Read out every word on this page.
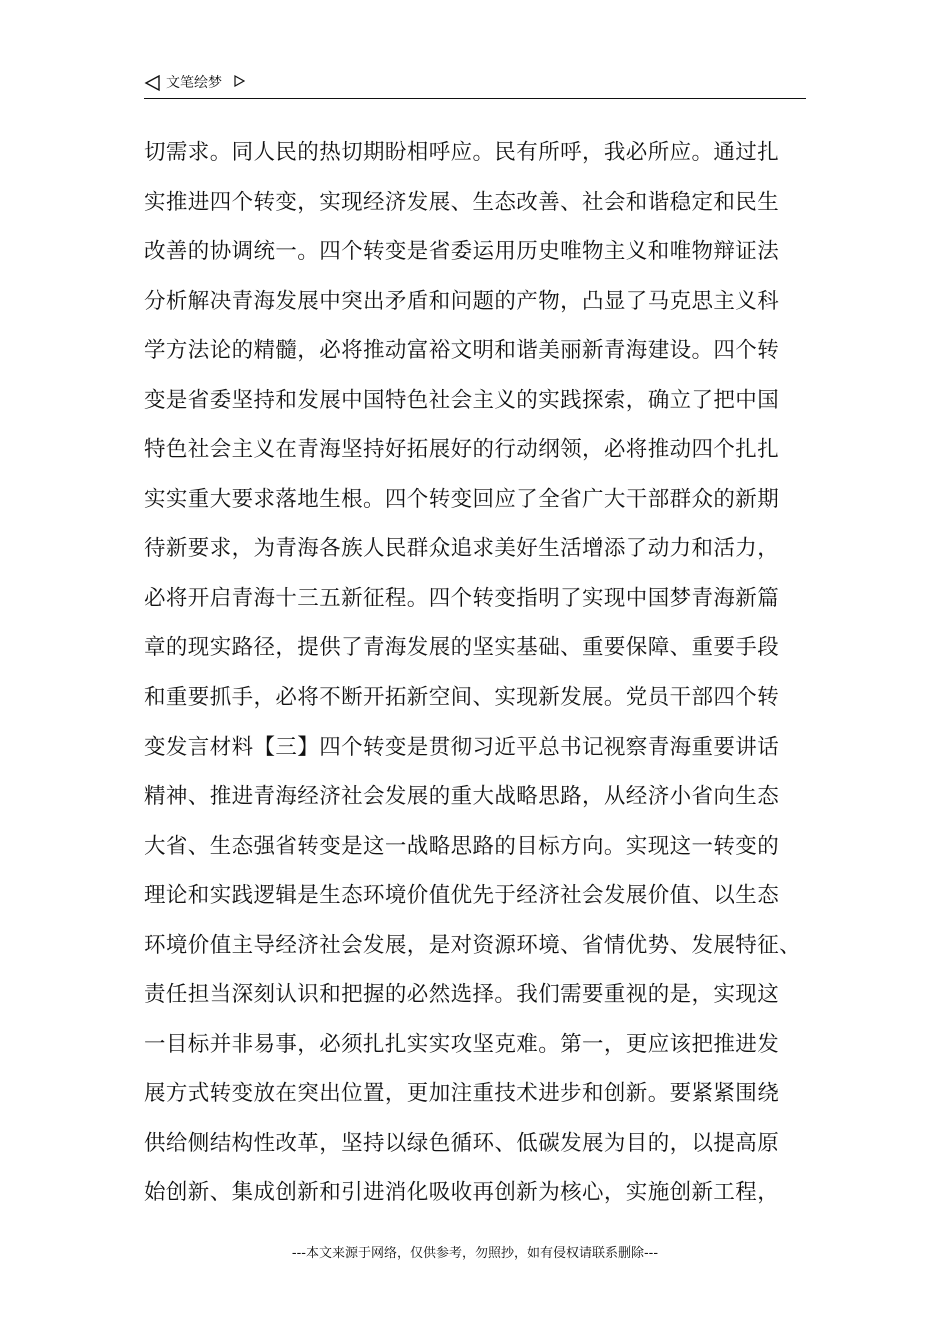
文笔绘梦
切需求。同人民的热切期盼相呼应。民有所呼，我必所应。通过扎
实推进四个转变，实现经济发展、生态改善、社会和谐稳定和民生
改善的协调统一。四个转变是省委运用历史唯物主义和唯物辩证法
分析解决青海发展中突出矛盾和问题的产物，凸显了马克思主义科
学方法论的精髓，必将推动富裕文明和谐美丽新青海建设。四个转
变是省委坚持和发展中国特色社会主义的实践探索，确立了把中国
特色社会主义在青海坚持好拓展好的行动纲领，必将推动四个扎扎
实实重大要求落地生根。四个转变回应了全省广大干部群众的新期
待新要求，为青海各族人民群众追求美好生活增添了动力和活力，
必将开启青海十三五新征程。四个转变指明了实现中国梦青海新篇
章的现实路径，提供了青海发展的坚实基础、重要保障、重要手段
和重要抓手，必将不断开拓新空间、实现新发展。党员干部四个转
变发言材料【三】四个转变是贯彻习近平总书记视察青海重要讲话
精神、推进青海经济社会发展的重大战略思路，从经济小省向生态
大省、生态强省转变是这一战略思路的目标方向。实现这一转变的
理论和实践逻辑是生态环境价值优先于经济社会发展价值、以生态
环境价值主导经济社会发展，是对资源环境、省情优势、发展特征、
责任担当深刻认识和把握的必然选择。我们需要重视的是，实现这
一目标并非易事，必须扎扎实实攻坚克难。第一，更应该把推进发
展方式转变放在突出位置，更加注重技术进步和创新。要紧紧围绕
供给侧结构性改革，坚持以绿色循环、低碳发展为目的，以提高原
始创新、集成创新和引进消化吸收再创新为核心，实施创新工程，
---本文来源于网络，仅供参考，勿照抄，如有侵权请联系删除---
